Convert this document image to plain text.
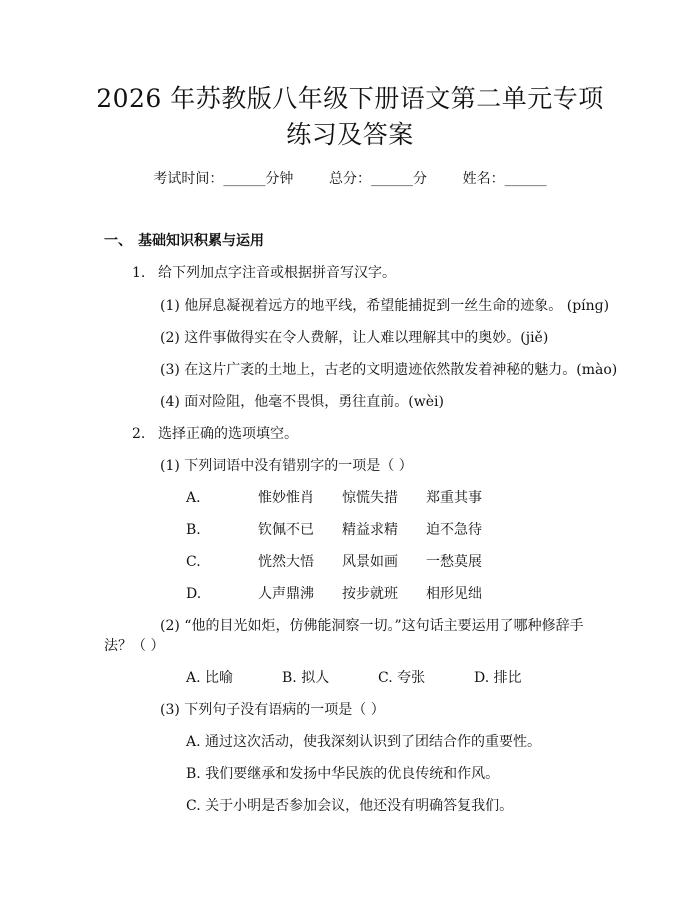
2026 年苏教版八年级下册语文第二单元专项
练习及答案
考试时间：______分钟	总分：______分	姓名：______
一、 基础知识积累与运用
1. 给下列加点字注音或根据拼音写汉字。
(1) 他屏息凝视着远方的地平线，希望能捕捉到一丝生命的迹象。 (pínɡ)
(2) 这件事做得实在令人费解，让人难以理解其中的奥妙。(jiě)
(3) 在这片广袤的土地上，古老的文明遗迹依然散发着神秘的魅力。(mào)
(4) 面对险阻，他毫不畏惧，勇往直前。(wèi)
2. 选择正确的选项填空。
(1) 下列词语中没有错别字的一项是（ ）
A.	惟妙惟肖　　惊慌失措　　郑重其事
B.	钦佩不已　　精益求精　　迫不急待
C.	恍然大悟　　风景如画　　一愁莫展
D.	人声鼎沸　　按步就班　　相形见绌
(2) “他的目光如炬，仿佛能洞察一切。”这句话主要运用了哪种修辞手
法？（ ）
A. 比喻	B. 拟人	C. 夸张	D. 排比
(3) 下列句子没有语病的一项是（ ）
A. 通过这次活动，使我深刻认识到了团结合作的重要性。
B. 我们要继承和发扬中华民族的优良传统和作风。
C. 关于小明是否参加会议，他还没有明确答复我们。
